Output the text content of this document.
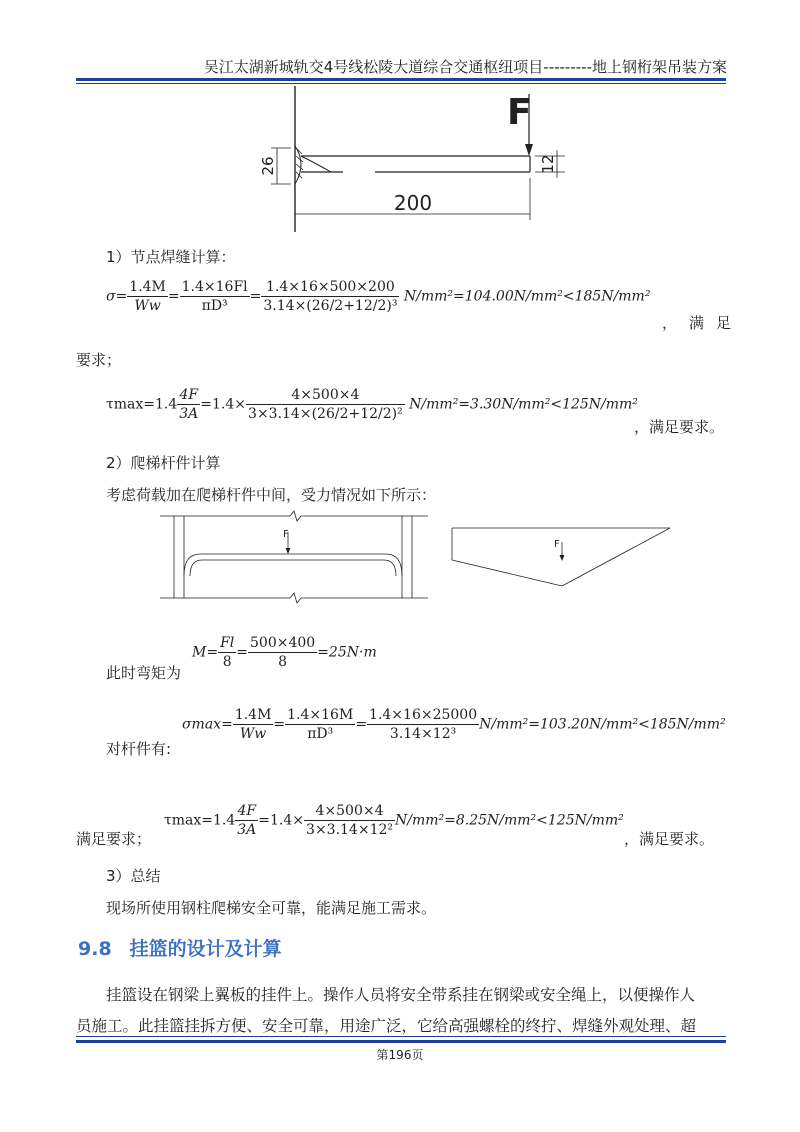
吴江太湖新城轨交4号线松陵大道综合交通枢纽项目---------地上钢桁架吊装方案
F
26	12
200
1）节点焊缝计算：
$\sigma= \frac{1.4M}{Ww} = \frac{1.4\times 16Fl}{\text{πD³}} = \frac{1.4\times 16\times 500\times 200}{\text{3.14×(26/2+12/2)³}} N/mm^2=104.00N/mm^2<185N/mm^2$
，满足
要求；
$\tau\max=1.4 \frac{4F}{3A} =1.4\times \frac{4\times 500\times 4}{\text{3×3.14×(26/2+12/2)²}} N/mm^2=3.30N/mm^2<125N/mm^2$
，满足要求。
2）爬梯杆件计算
考虑荷载加在爬梯杆件中间，受力情况如下所示：
F
F
此时弯矩为
$M= \frac{Fl}{8} = \frac{500\times 400}{8} =25N\cdot m$
对杆件有:
$\sigma\max= \frac{1.4M}{Ww} = \frac{1.4\times 16M}{\text{πD³}} = \frac{1.4\times 16\times 25000}{\text{3.14×12³}} N/mm^2=103.20N/mm^2<185N/mm^2$
满足要求；
$\tau\max=1.4 \frac{4F}{3A} =1.4\times \frac{4\times 500\times 4}{\text{3×3.14×12²}} N/mm^2=8.25N/mm^2<125N/mm^2$
，满足要求。
3）总结
现场所使用钢柱爬梯安全可靠，能满足施工需求。
9.8 挂篮的设计及计算
挂篮设在钢梁上翼板的挂件上。操作人员将安全带系挂在钢梁或安全绳上，以便操作人
员施工。此挂篮挂拆方便、安全可靠，用途广泛，它给高强螺栓的终拧、焊缝外观处理、超
第196页
